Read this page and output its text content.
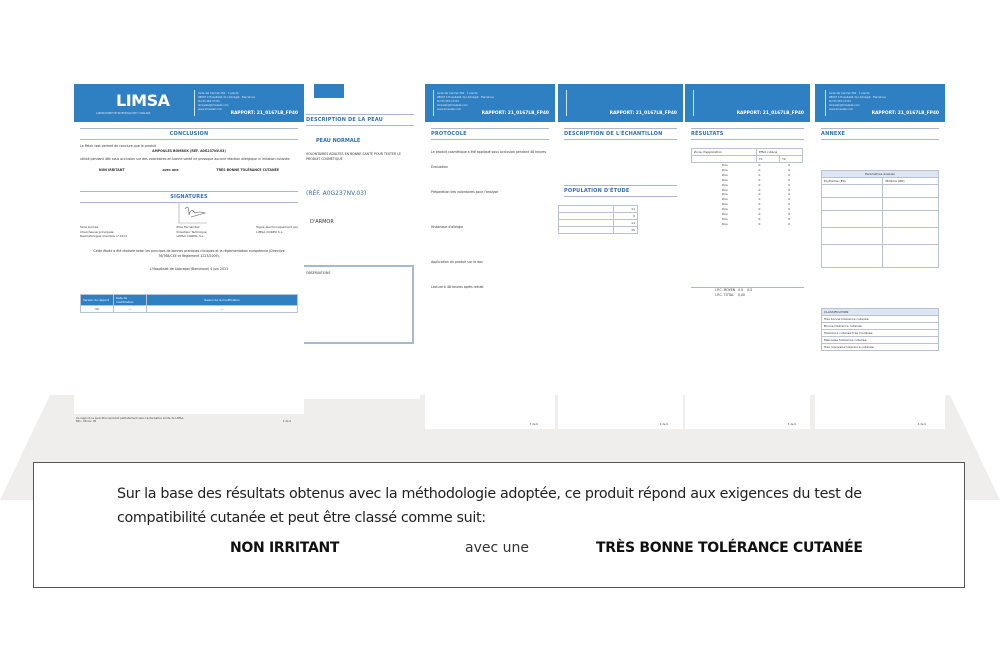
Avda del Carrilet 250 · 7 planta
08907 L'Hospitalet de Llobregat · Barcelona
Tel 93 263 23 84
limsalab@limsalab.com
www.limsalab.com
RAPPORT: 21_0167LB_FP40
ANNEXE
Paramètres évalués	
Érythème (E0)	Œdème (Ø0)

CLASSIFICATION
Très bonne tolérance cutanée
Bonne tolérance cutanée
Tolérance cutanée très modérée
Mauvaise tolérance cutanée
Très mauvaise tolérance cutanée
RAPPORT: 21_0167LB_FP40
RÉSULTATS
Zone d'application	Effet cutané	
	T1	T2
Dos	0	0
Dos	0	0
Dos	0	0
Dos	0	0
Dos	0	0
Dos	0	0
Dos	0	0
Dos	0	0
Dos	0	0
Dos	0	0
Dos	0	0
Dos	0	0
Dos	0	0
I.P.C. MOYEN 0.0 0.0
I.P.C. TOTAL 0,00
RAPPORT: 21_0167LB_FP40
DESCRIPTION DE L'ÉCHANTILLON
POPULATION D'ÉTUDE
	11
	0
	11
	15
Avda del Carrilet 250 · 7 planta
08907 L'Hospitalet de Llobregat · Barcelona
Tel 93 263 23 84
limsalab@limsalab.com
www.limsalab.com
RAPPORT: 21_0167LB_FP40
PROTOCOLE
Le produit cosmétique a été appliqué sous occlusion pendant 48 heures
Évaluation
Préparation des volontaires pour l'analyse
Historique d'allergie
Application du produit sur le dos
Lecture à 48 heures après retrait
DESCRIPTION DE LA PEAU
PEAU NORMALE
VOLONTAIRES ADULTES EN BONNE SANTÉ POUR TESTER LE PRODUIT COSMÉTIQUE
(RÉF. A0G237NV.03)
D'ARMOR
OBSERVATIONS
LIMSA
LABORATOIRE DE INVESTIGACIÓN Y ANÁLISIS
Avda del Carrilet 250 · 7 planta
08907 L'Hospitalet de Llobregat · Barcelona
Tel 93 263 23 84
limsalab@limsalab.com
www.limsalab.com
RAPPORT: 21_0167LB_FP40
CONCLUSION
Le Patch test permet de conclure que le produit
AMPOULES BOMBOX (RÉF. A0G237NV.03)
utilisé pendant 48h sous occlusion sur des volontaires en bonne santé ne provoque aucune réaction allergique ni irritation cutanée.
NON IRRITANT	avec une	TRÈS BONNE TOLÉRANCE CUTANÉE
SIGNATURES
Sara Gómez
Chercheuse principale
Dermatologue membre n°1213
Pilar Fernandez
Directeur Technique
LIMSA CORPO. S.L.
Signé électroniquement par
LIMSA CORPO S.L.
Cette étude a été réalisée selon les principes de bonnes pratiques cliniques et la réglementation européenne (Directive 76/768/CEE et Règlement 1223/2009).
L'Hospitalet de Llobregat (Barcelone) 4 juin 2021
Version du rapport	Date de modification	Raison de la modification
V0	—	—
Ce rapport ne peut être reproduit partiellement sans l'autorisation écrite de LIMSA.
BIO - 08 rév. 00	2 de 6
3 de 6	4 de 6	5 de 6	6 de 6
Sur la base des résultats obtenus avec la méthodologie adoptée, ce produit répond aux exigences du test de compatibilité cutanée et peut être classé comme suit:
NON IRRITANT	avec une	TRÈS BONNE TOLÉRANCE CUTANÉE
